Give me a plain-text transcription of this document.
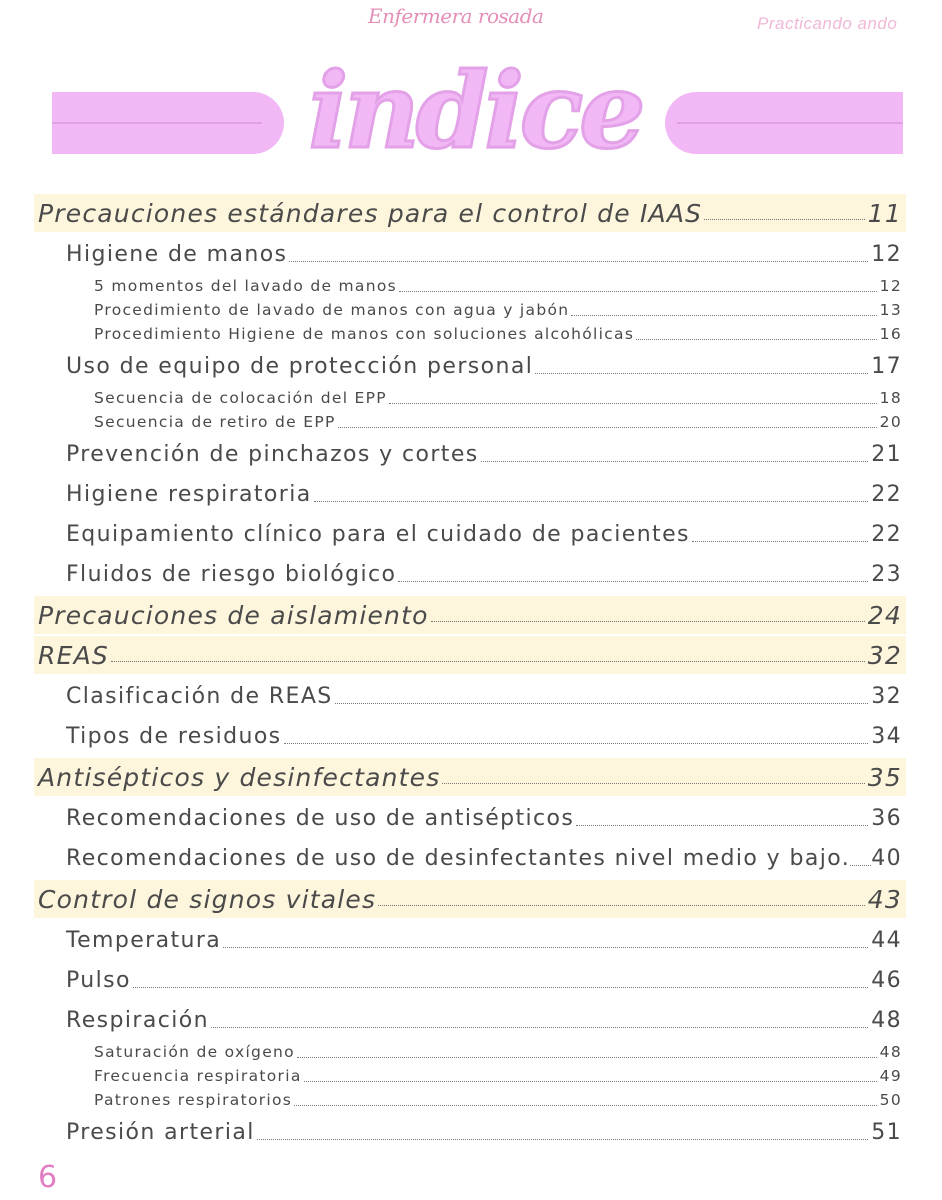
Enfermera rosada	Practicando ando
indice
Precauciones estándares para el control de IAAS	11
Higiene de manos	12
5 momentos del lavado de manos	12
Procedimiento de lavado de manos con agua y jabón	13
Procedimiento Higiene de manos con soluciones alcohólicas	16
Uso de equipo de protección personal	17
Secuencia de colocación del EPP	18
Secuencia de retiro de EPP	20
Prevención de pinchazos y cortes	21
Higiene respiratoria	22
Equipamiento clínico para el cuidado de pacientes	22
Fluidos de riesgo biológico	23
Precauciones de aislamiento	24
REAS	32
Clasificación de REAS	32
Tipos de residuos	34
Antisépticos y desinfectantes	35
Recomendaciones de uso de antisépticos	36
Recomendaciones de uso de desinfectantes nivel medio y bajo. 40
Control de signos vitales	43
Temperatura	44
Pulso	46
Respiración	48
Saturación de oxígeno	48
Frecuencia respiratoria	49
Patrones respiratorios	50
Presión arterial	51
6
